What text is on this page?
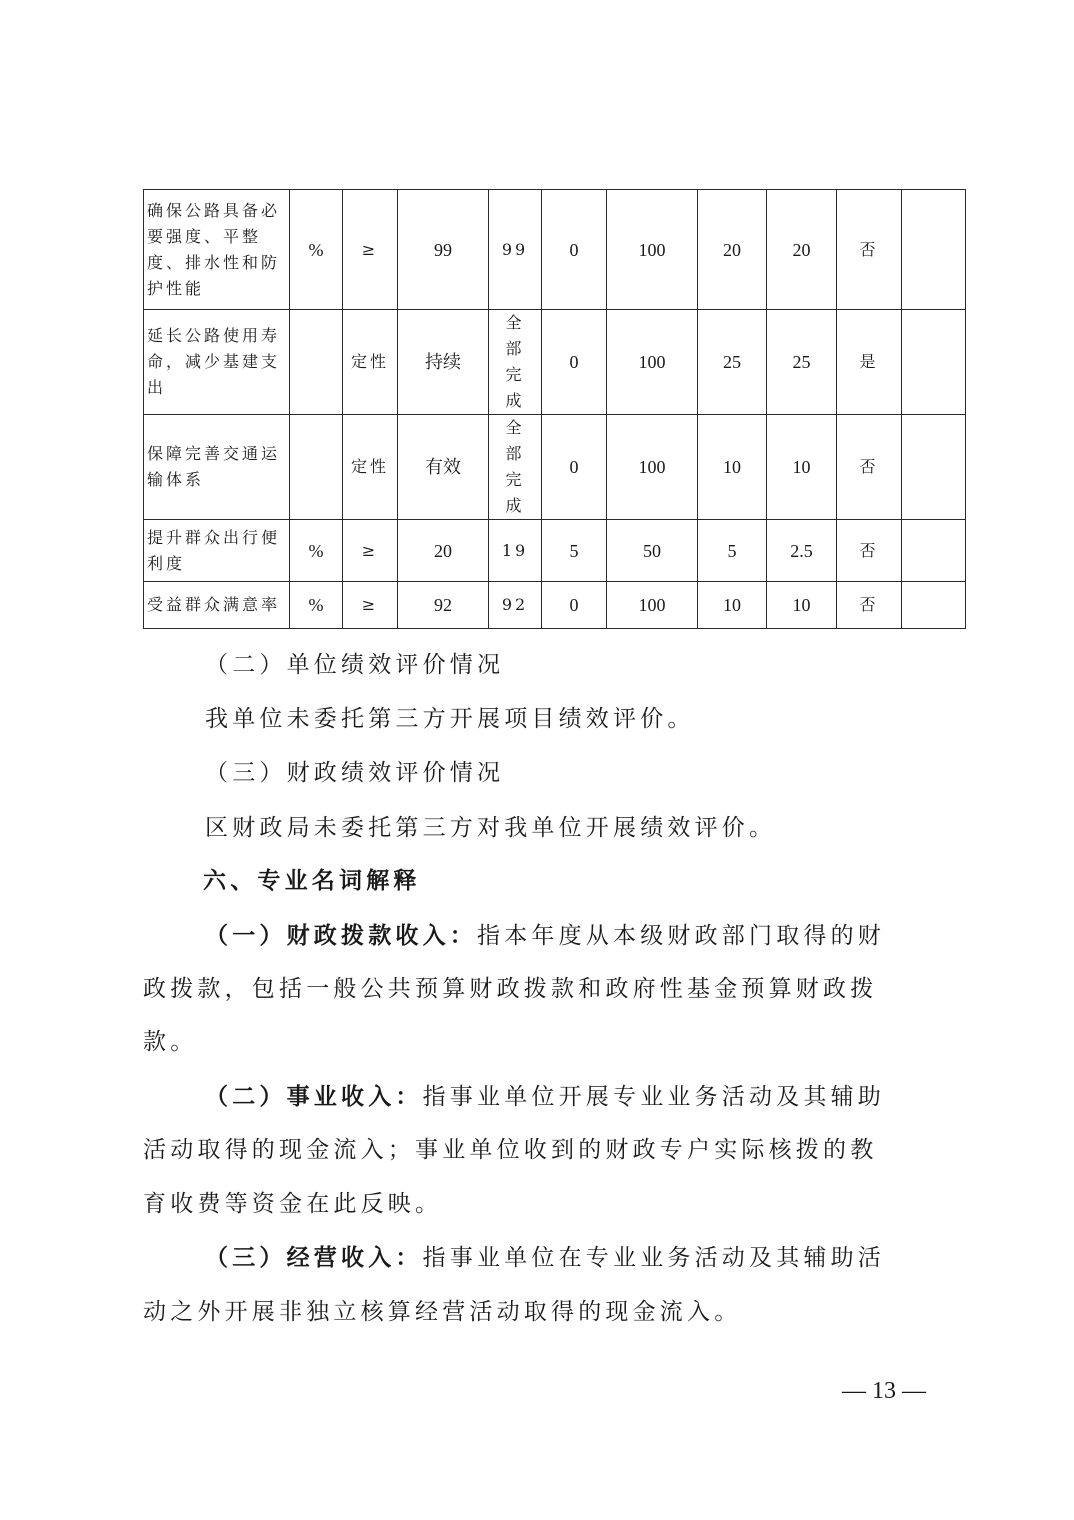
确保公路具备必要强度、平整度、排水性和防护性能	%	≥	99	99	0	100	20	20	否	
延长公路使用寿命，减少基建支出		定性	持续	全部完成	0	100	25	25	是	
保障完善交通运输体系		定性	有效	全部完成	0	100	10	10	否	
提升群众出行便利度	%	≥	20	19	5	50	5	2.5	否	
受益群众满意率	%	≥	92	92	0	100	10	10	否	
（二）单位绩效评价情况
我单位未委托第三方开展项目绩效评价。
（三）财政绩效评价情况
区财政局未委托第三方对我单位开展绩效评价。
六、专业名词解释
（一）财政拨款收入：指本年度从本级财政部门取得的财
政拨款，包括一般公共预算财政拨款和政府性基金预算财政拨
款。
（二）事业收入：指事业单位开展专业业务活动及其辅助
活动取得的现金流入；事业单位收到的财政专户实际核拨的教
育收费等资金在此反映。
（三）经营收入：指事业单位在专业业务活动及其辅助活
动之外开展非独立核算经营活动取得的现金流入。
— 13 —
